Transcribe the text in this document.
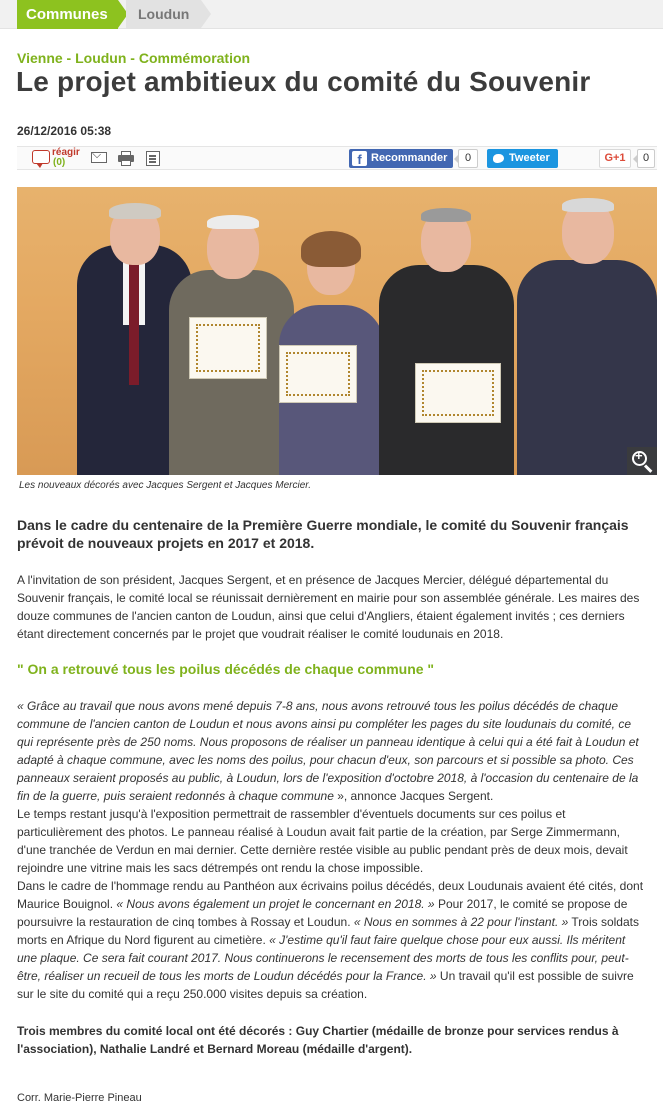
Communes	Loudun
Vienne - Loudun - Commémoration
Le projet ambitieux du comité du Souvenir
26/12/2016 05:38
réagir
(0)	f Recommander	0	Tweeter	G+1	0
+
Les nouveaux décorés avec Jacques Sergent et Jacques Mercier.

Dans le cadre du centenaire de la Première Guerre mondiale, le comité du Souvenir français prévoit de nouveaux projets en 2017 et 2018.

A l'invitation de son président, Jacques Sergent, et en présence de Jacques Mercier, délégué départemental du Souvenir français, le comité local se réunissait dernièrement en mairie pour son assemblée générale. Les maires des douze communes de l'ancien canton de Loudun, ainsi que celui d'Angliers, étaient également invités ; ces derniers étant directement concernés par le projet que voudrait réaliser le comité loudunais en 2018.

" On a retrouvé tous les poilus décédés de chaque commune "
« Grâce au travail que nous avons mené depuis 7-8 ans, nous avons retrouvé tous les poilus décédés de chaque commune de l'ancien canton de Loudun et nous avons ainsi pu compléter les pages du site loudunais du comité, ce qui représente près de 250 noms. Nous proposons de réaliser un panneau identique à celui qui a été fait à Loudun et adapté à chaque commune, avec les noms des poilus, pour chacun d'eux, son parcours et si possible sa photo. Ces panneaux seraient proposés au public, à Loudun, lors de l'exposition d'octobre 2018, à l'occasion du centenaire de la fin de la guerre, puis seraient redonnés à chaque commune », annonce Jacques Sergent.
Le temps restant jusqu'à l'exposition permettrait de rassembler d'éventuels documents sur ces poilus et particulièrement des photos. Le panneau réalisé à Loudun avait fait partie de la création, par Serge Zimmermann, d'une tranchée de Verdun en mai dernier. Cette dernière restée visible au public pendant près de deux mois, devait rejoindre une vitrine mais les sacs détrempés ont rendu la chose impossible.
Dans le cadre de l'hommage rendu au Panthéon aux écrivains poilus décédés, deux Loudunais avaient été cités, dont Maurice Bouignol. « Nous avons également un projet le concernant en 2018. » Pour 2017, le comité se propose de poursuivre la restauration de cinq tombes à Rossay et Loudun. « Nous en sommes à 22 pour l'instant. » Trois soldats morts en Afrique du Nord figurent au cimetière. « J'estime qu'il faut faire quelque chose pour eux aussi. Ils méritent une plaque. Ce sera fait courant 2017. Nous continuerons le recensement des morts de tous les conflits pour, peut-être, réaliser un recueil de tous les morts de Loudun décédés pour la France. » Un travail qu'il est possible de suivre sur le site du comité qui a reçu 250.000 visites depuis sa création.

Trois membres du comité local ont été décorés : Guy Chartier (médaille de bronze pour services rendus à l'association), Nathalie Landré et Bernard Moreau (médaille d'argent).

Corr. Marie-Pierre Pineau
